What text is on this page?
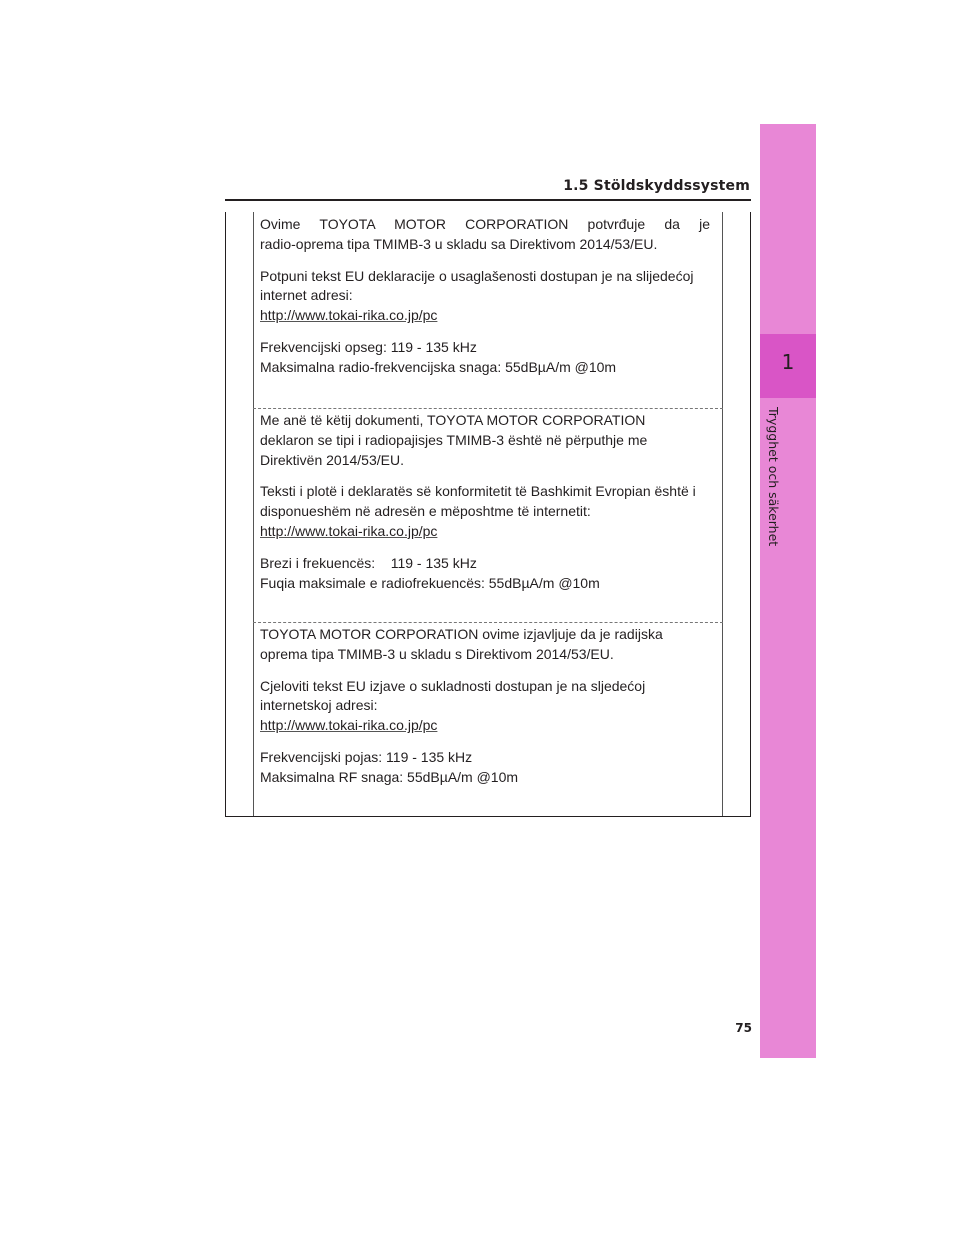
1.5 Stöldskyddssystem
1
Trygghet och säkerhet

Ovime TOYOTA MOTOR CORPORATION potvrđuje da je

radio-oprema tipa TMIMB-3 u skladu sa Direktivom 2014/53/EU.

Potpuni tekst EU deklaracije o usaglašenosti dostupan je na slijedećoj

internet adresi:

http://www.tokai-rika.co.jp/pc

Frekvencijski opseg: 119 - 135 kHz

Maksimalna radio-frekvencijska snaga: 55dBµA/m @10m

Me anë të këtij dokumenti, TOYOTA MOTOR CORPORATION

deklaron se tipi i radiopajisjes TMIMB-3 është në përputhje me

Direktivën 2014/53/EU.

Teksti i plotë i deklaratës së konformitetit të Bashkimit Evropian është i

disponueshëm në adresën e mëposhtme të internetit:

http://www.tokai-rika.co.jp/pc

Brezi i frekuencës:    119 - 135 kHz

Fuqia maksimale e radiofrekuencës: 55dBµA/m @10m

TOYOTA MOTOR CORPORATION ovime izjavljuje da je radijska

oprema tipa TMIMB-3 u skladu s Direktivom 2014/53/EU.

Cjeloviti tekst EU izjave o sukladnosti dostupan je na sljedećoj

internetskoj adresi:

http://www.tokai-rika.co.jp/pc

Frekvencijski pojas: 119 - 135 kHz

Maksimalna RF snaga: 55dBµA/m @10m

75
